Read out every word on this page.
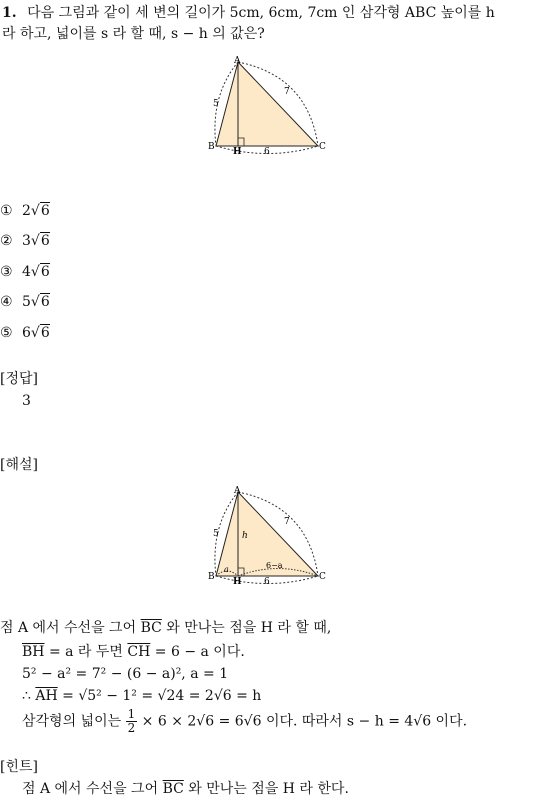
1. 다음 그림과 같이 세 변의 길이가 5cm, 6cm, 7cm 인 삼각형 ABC 높이를 h
라 하고, 넓이를 s 라 할 때, s − h 의 값은?
A
B	C
H
5
7
6
① 2√6
② 3√6
③ 4√6
④ 5√6
⑤ 6√6
[정답]
3
[해설]
A
B	C
H
5
7
6
h
a	6−a
점 A 에서 수선을 그어 $\overline{BC}$ 와 만나는 점을 H 라 할 때,
$\overline{BH} = a$ 라 두면 $\overline{CH} = 6 - a$ 이다.
5² − a² = 7² − (6 − a)², a = 1
∴ $\overline{AH} = √5^2 - 1^2 = √24 = 2√6 = h$
삼각형의 넓이는 $\frac{1}{2} \times 6 \times 2√6 = 6√6$ 이다. 따라서 s − h = 4√6 이다.
[힌트]
점 A 에서 수선을 그어 $\overline{BC}$ 와 만나는 점을 H 라 한다.
